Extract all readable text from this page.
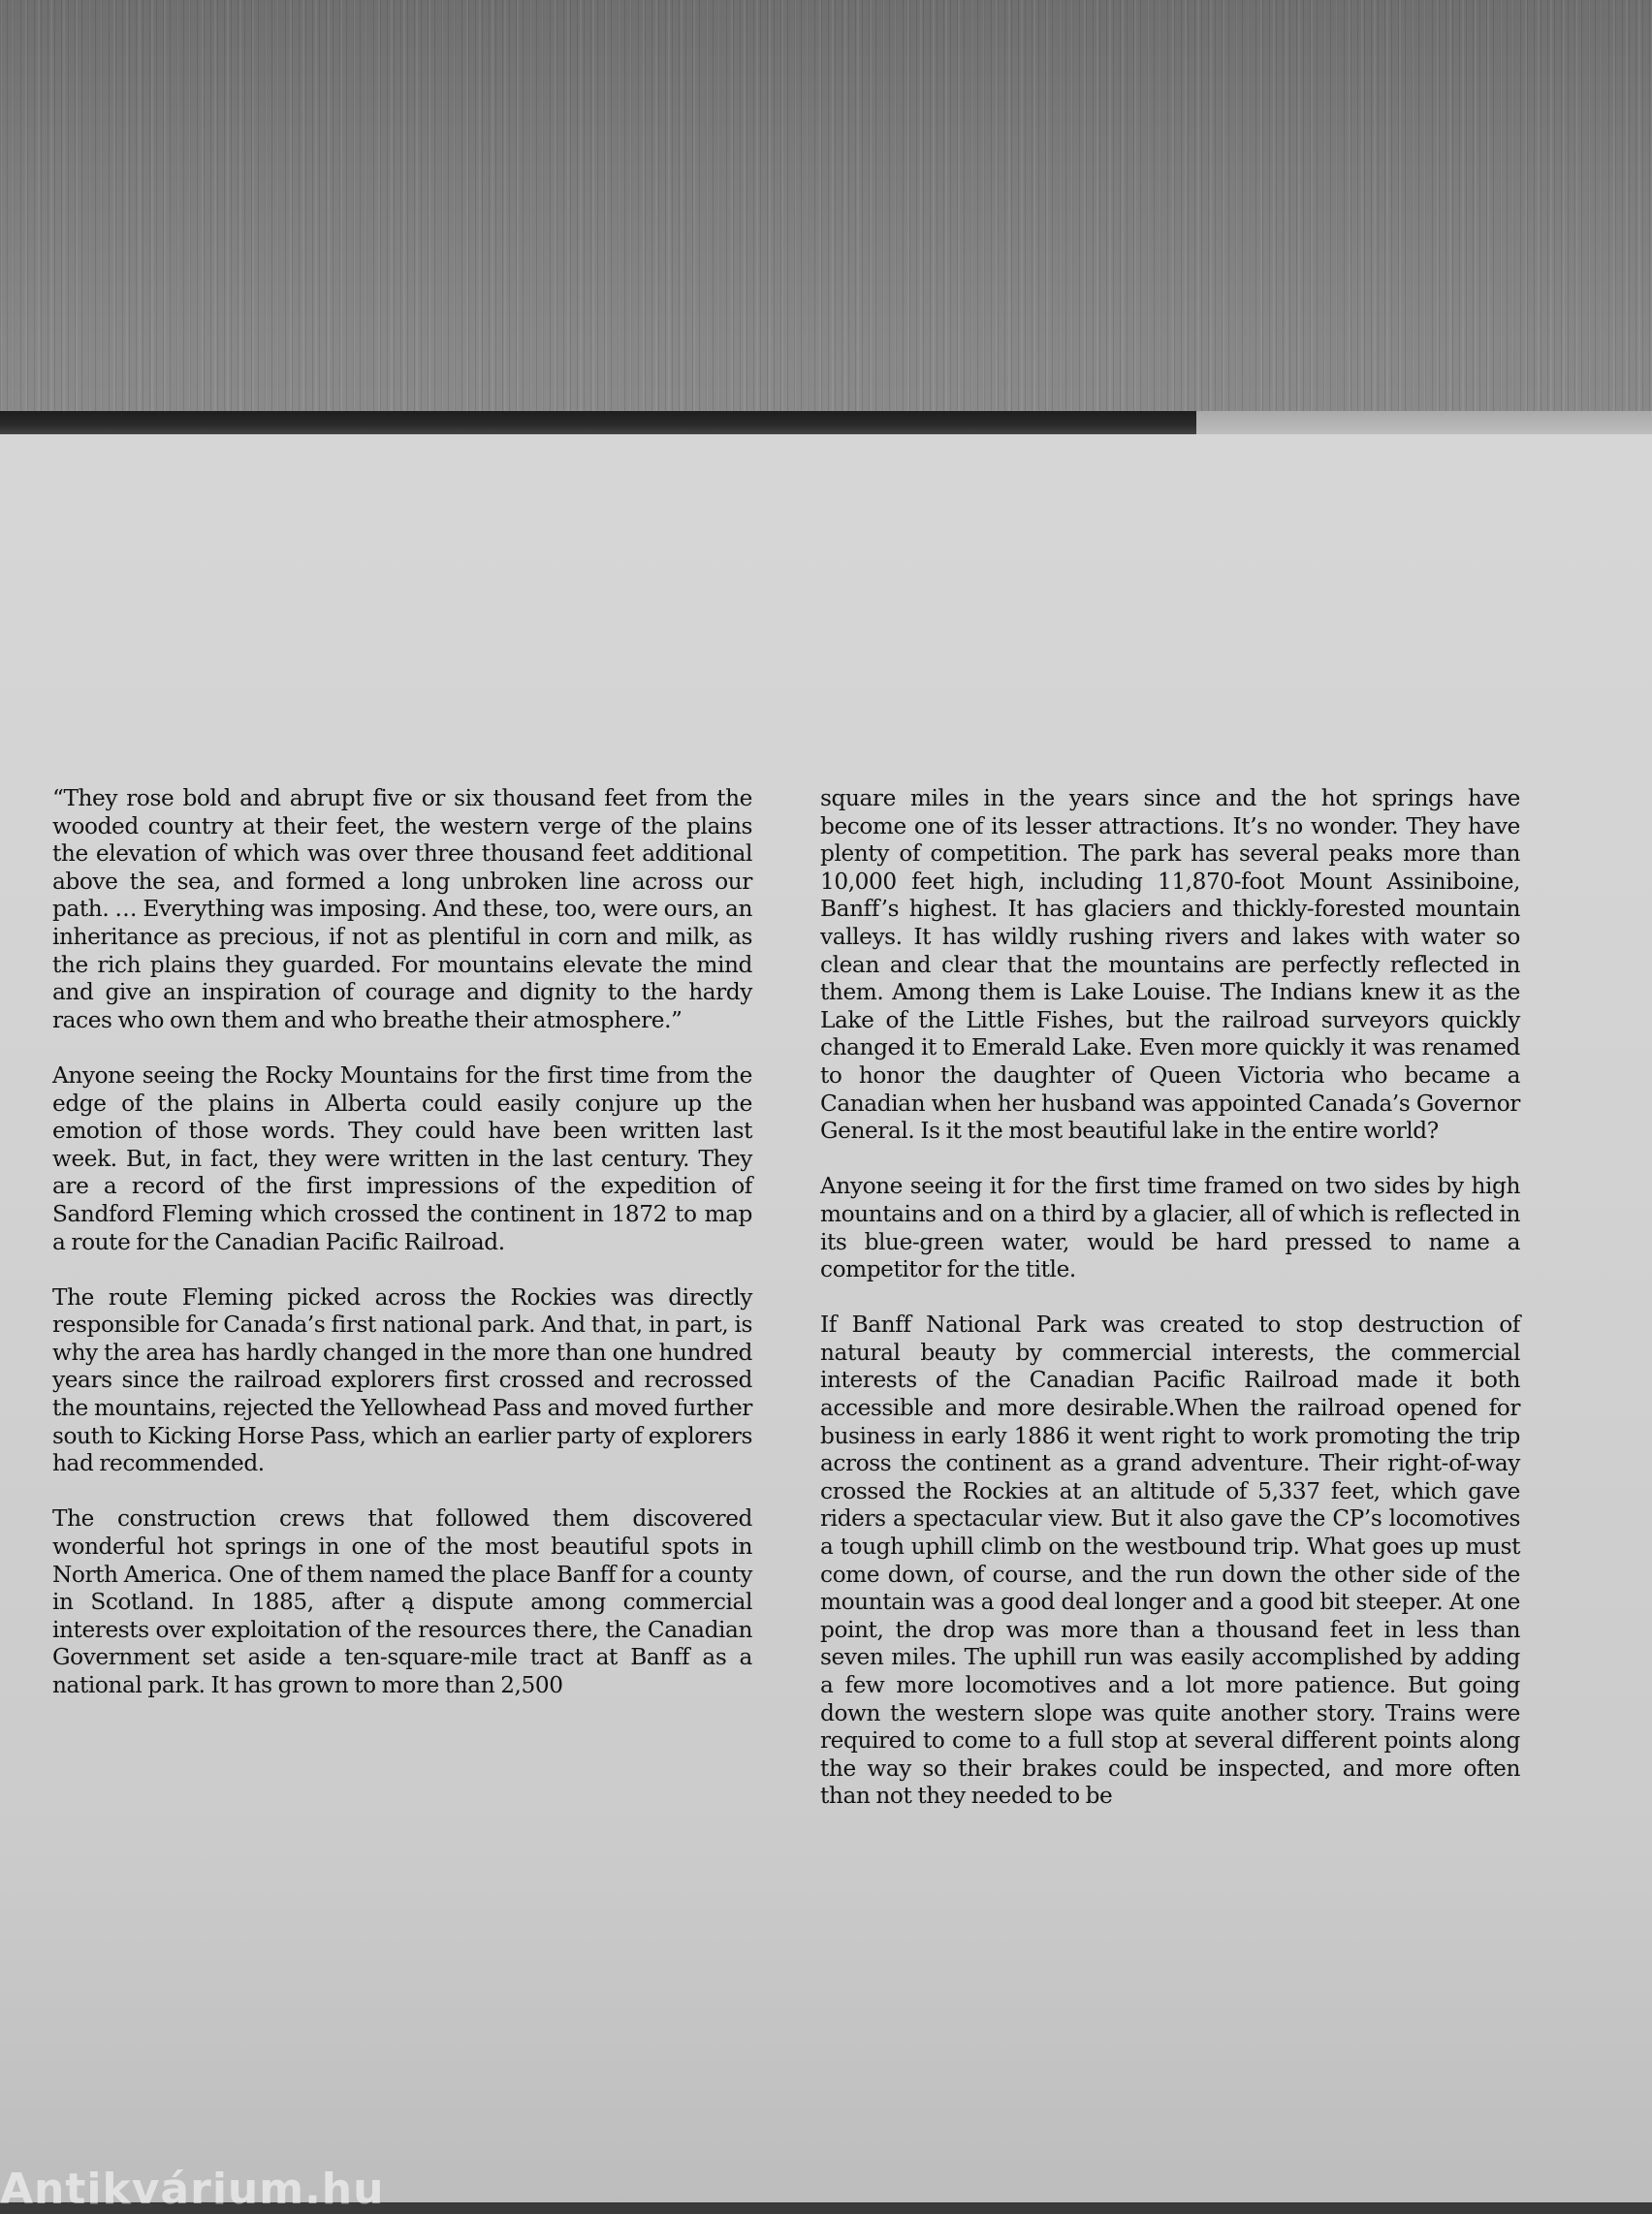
“They rose bold and abrupt five or six thousand feet from the wooded country at their feet, the western verge of the plains the elevation of which was over three thousand feet additional above the sea, and formed a long unbroken line across our path. … Everything was imposing. And these, too, were ours, an inheritance as precious, if not as plentiful in corn and milk, as the rich plains they guarded. For mountains elevate the mind and give an inspiration of courage and dignity to the hardy races who own them and who breathe their atmosphere.”

Anyone seeing the Rocky Mountains for the first time from the edge of the plains in Alberta could easily conjure up the emotion of those words. They could have been written last week. But, in fact, they were written in the last century. They are a record of the first impressions of the expedition of Sandford Fleming which crossed the continent in 1872 to map a route for the Canadian Pacific Railroad.

The route Fleming picked across the Rockies was directly responsible for Canada’s first national park. And that, in part, is why the area has hardly changed in the more than one hundred years since the railroad explorers first crossed and recrossed the mountains, rejected the Yellowhead Pass and moved further south to Kicking Horse Pass, which an earlier party of explorers had recommended.

The construction crews that followed them discovered wonderful hot springs in one of the most beautiful spots in North America. One of them named the place Banff for a county in Scotland. In 1885, after ą dispute among commercial interests over exploitation of the resources there, the Canadian Government set aside a ten-square-mile tract at Banff as a national park. It has grown to more than 2,500

square miles in the years since and the hot springs have become one of its lesser attractions. It’s no wonder. They have plenty of competition. The park has several peaks more than 10,000 feet high, including 11,870-foot Mount Assiniboine, Banff’s highest. It has glaciers and thickly-forested mountain valleys. It has wildly rushing rivers and lakes with water so clean and clear that the mountains are perfectly reflected in them. Among them is Lake Louise. The Indians knew it as the Lake of the Little Fishes, but the railroad surveyors quickly changed it to Emerald Lake. Even more quickly it was renamed to honor the daughter of Queen Victoria who became a Canadian when her husband was appointed Canada’s Governor General. Is it the most beautiful lake in the entire world?

Anyone seeing it for the first time framed on two sides by high mountains and on a third by a glacier, all of which is reflected in its blue-green water, would be hard pressed to name a competitor for the title.

If Banff National Park was created to stop destruction of natural beauty by commercial interests, the commercial interests of the Canadian Pacific Railroad made it both accessible and more desirable.When the railroad opened for business in early 1886 it went right to work promoting the trip across the continent as a grand adventure. Their right-of-way crossed the Rockies at an altitude of 5,337 feet, which gave riders a spectacular view. But it also gave the CP’s locomotives a tough uphill climb on the westbound trip. What goes up must come down, of course, and the run down the other side of the mountain was a good deal longer and a good bit steeper. At one point, the drop was more than a thousand feet in less than seven miles. The uphill run was easily accomplished by adding a few more locomotives and a lot more patience. But going down the western slope was quite another story. Trains were required to come to a full stop at several different points along the way so their brakes could be inspected, and more often than not they needed to be

Antikvárium.hu
